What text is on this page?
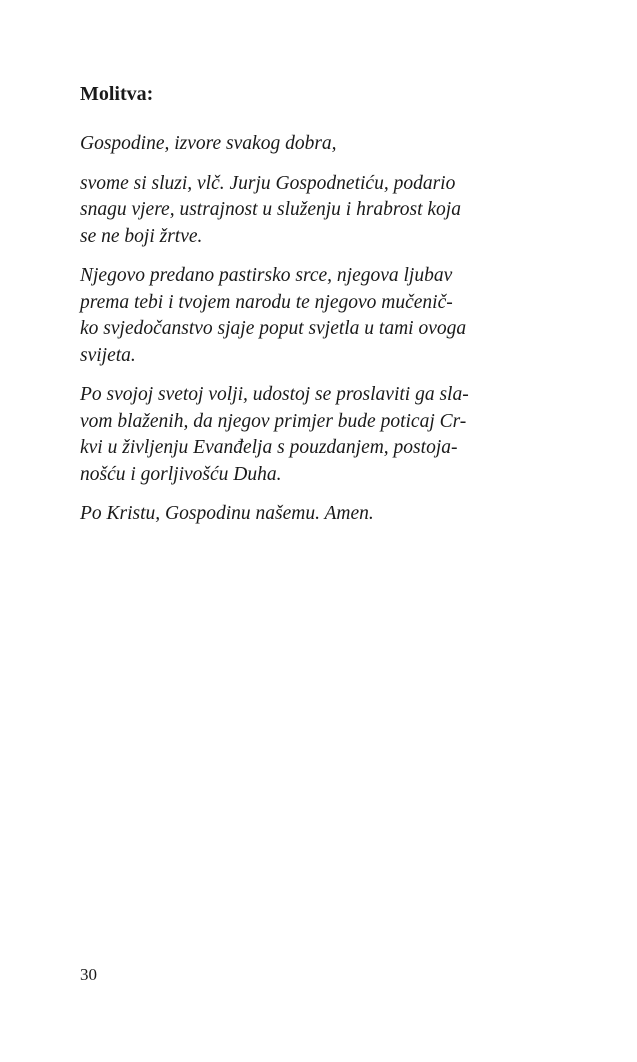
Molitva:

Gospodine, izvore svakog dobra,

svome si sluzi, vlč. Jurju Gospodnetiću, podario
snagu vjere, ustrajnost u služenju i hrabrost koja
se ne boji žrtve.

Njegovo predano pastirsko srce, njegova ljubav
prema tebi i tvojem narodu te njegovo mučenič-
ko svjedočanstvo sjaje poput svjetla u tami ovoga
svijeta.

Po svojoj svetoj volji, udostoj se proslaviti ga sla-
vom blaženih, da njegov primjer bude poticaj Cr-
kvi u življenju Evanđelja s pouzdanjem, postoja-
nošću i gorljivošću Duha.

Po Kristu, Gospodinu našemu. Amen.

30
